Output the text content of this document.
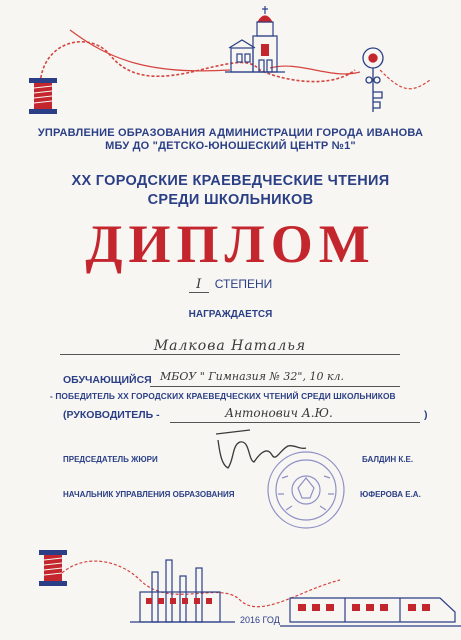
УПРАВЛЕНИЕ ОБРАЗОВАНИЯ АДМИНИСТРАЦИИ ГОРОДА ИВАНОВА
МБУ ДО "ДЕТСКО-ЮНОШЕСКИЙ ЦЕНТР №1"
XX ГОРОДСКИЕ КРАЕВЕДЧЕСКИЕ ЧТЕНИЯ
СРЕДИ ШКОЛЬНИКОВ
ДИПЛОМ
I СТЕПЕНИ
НАГРАЖДАЕТСЯ
Малкова Наталья
ОБУЧАЮЩИЙСЯ МБОУ " Гимназия № 32", 10 кл.
- ПОБЕДИТЕЛЬ XX ГОРОДСКИХ КРАЕВЕДЧЕСКИХ ЧТЕНИЙ СРЕДИ ШКОЛЬНИКОВ
(РУКОВОДИТЕЛЬ -	Антонович А.Ю.	)
ПРЕДСЕДАТЕЛЬ ЖЮРИ	БАЛДИН К.Е.
НАЧАЛЬНИК УПРАВЛЕНИЯ ОБРАЗОВАНИЯ	ЮФЕРОВА Е.А.
2016 ГОД
